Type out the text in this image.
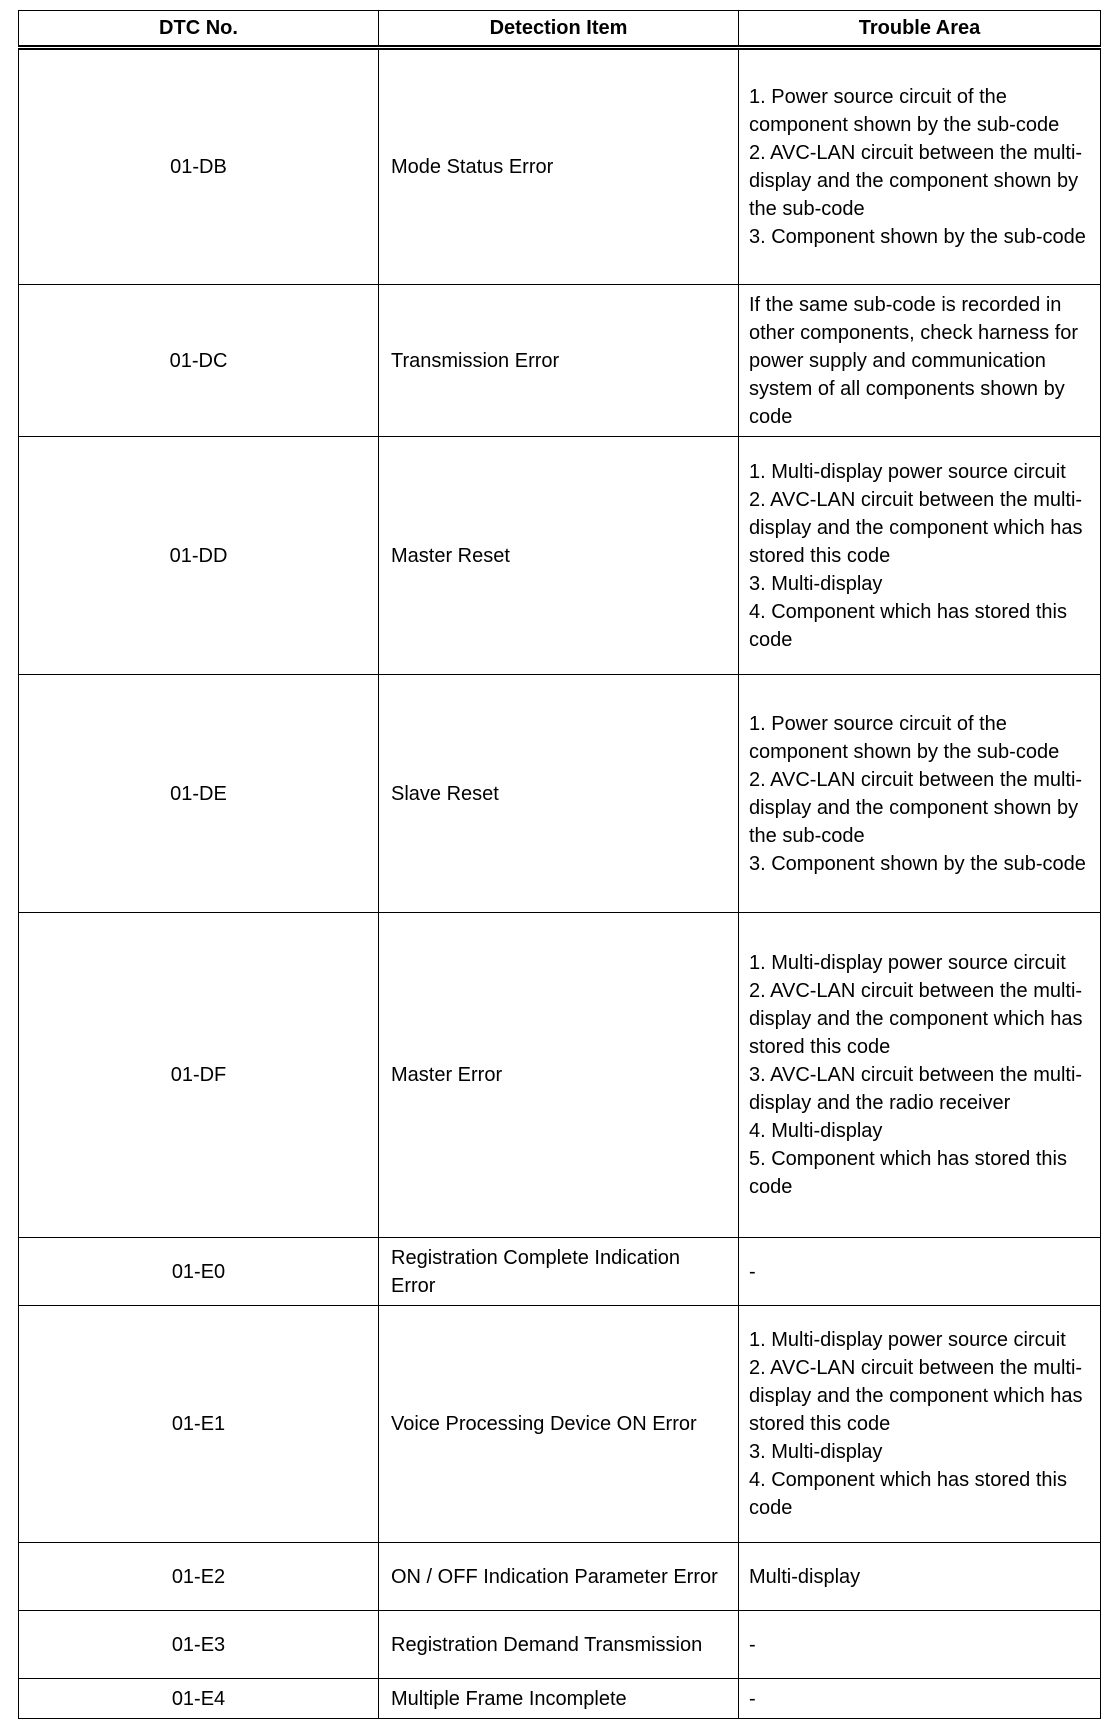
DTC No.	Detection Item	Trouble Area
01-DB	Mode Status Error	1. Power source circuit of the component shown by the sub-code
2. AVC-LAN circuit between the multi-display and the component shown by the sub-code
3. Component shown by the sub-code
01-DC	Transmission Error	If the same sub-code is recorded in other components, check harness for power supply and communication system of all components shown by code
01-DD	Master Reset	1. Multi-display power source circuit
2. AVC-LAN circuit between the multi-display and the component which has stored this code
3. Multi-display
4. Component which has stored this code
01-DE	Slave Reset	1. Power source circuit of the component shown by the sub-code
2. AVC-LAN circuit between the multi-display and the component shown by the sub-code
3. Component shown by the sub-code
01-DF	Master Error	1. Multi-display power source circuit
2. AVC-LAN circuit between the multi-display and the component which has stored this code
3. AVC-LAN circuit between the multi-display and the radio receiver
4. Multi-display
5. Component which has stored this code
01-E0	Registration Complete Indication Error	-
01-E1	Voice Processing Device ON Error	1. Multi-display power source circuit
2. AVC-LAN circuit between the multi-display and the component which has stored this code
3. Multi-display
4. Component which has stored this code
01-E2	ON / OFF Indication Parameter Error	Multi-display
01-E3	Registration Demand Transmission	-
01-E4	Multiple Frame Incomplete	-
